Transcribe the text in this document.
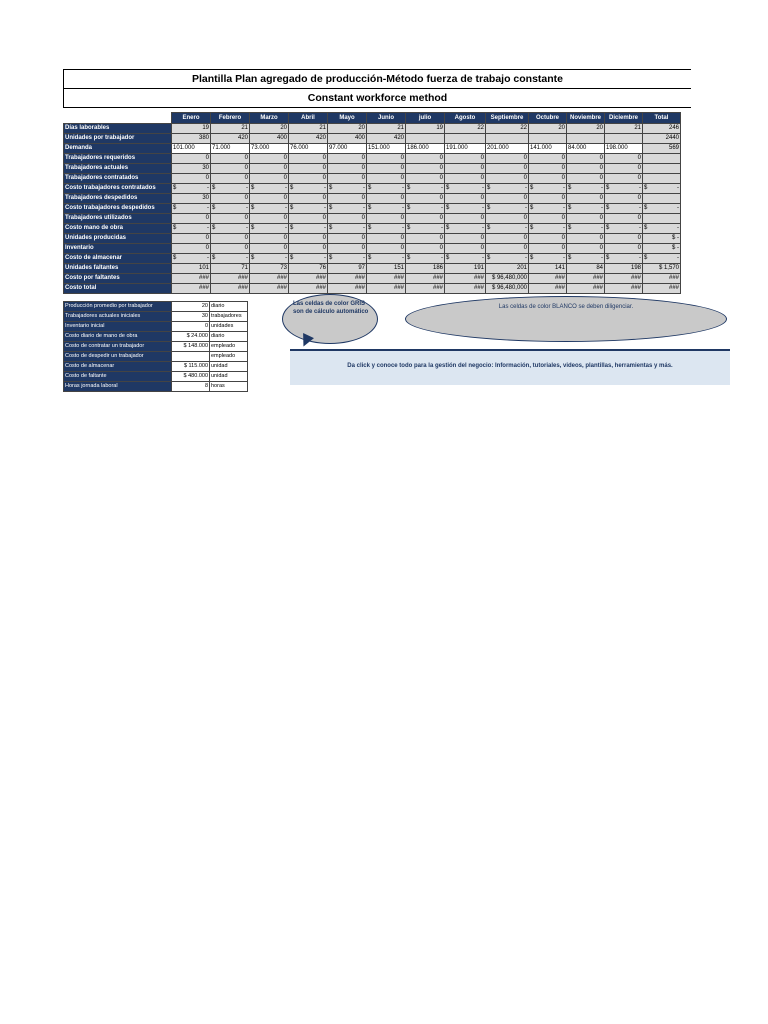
Plantilla Plan agregado de producción-Método fuerza de trabajo constante
Constant workforce method
	Enero	Febrero	Marzo	Abril	Mayo	Junio	julio	Agosto	Septiembre	Octubre	Noviembre	Diciembre	Total
Días laborables	19	21	20	21	20	21	19	22	22	20	20	21	246
Unidades por trabajador	380	420	400	420	400	420							2440
Demanda	101.000	71.000	73.000	76.000	97.000	151.000	186.000	191.000	201.000	141.000	84.000	198.000	569
Trabajadores requeridos	0	0	0	0	0	0	0	0	0	0	0	0	
Trabajadores actuales	30	0	0	0	0	0	0	0	0	0	0	0	
Trabajadores contratados	0	0	0	0	0	0	0	0	0	0	0	0	
Costo trabajadores contratados	$ -	$ -	$ -	$ -	$ -	$ -	$ -	$ -	$ -	$ -	$ -	$ -	$ -

Trabajadores despedidos	30	0	0	0	0	0	0	0	0	0	0	0	
Costo trabajadores despedidos	$ -	$ -	$ -	$ -	$ -	$ -	$ -	$ -	$ -	$ -	$ -	$ -	$ -

Trabajadores utilizados	0	0	0	0	0	0	0	0	0	0	0	0	
Costo mano de obra	$ -	$ -	$ -	$ -	$ -	$ -	$ -	$ -	$ -	$ -	$ -	$ -	$ -

Unidades producidas	0	0	0	0	0	0	0	0	0	0	0	0	$ -
Inventario	0	0	0	0	0	0	0	0	0	0	0	0	$ -
Costo de almacenar	$ -	$ -	$ -	$ -	$ -	$ -	$ -	$ -	$ -	$ -	$ -	$ -	$ -

Unidades faltantes	101	71	73	76	97	151	186	191	201	141	84	198	$ 1,570
Costo por faltantes	###	###	###	###	###	###	###	###	$ 96,480,000	###	###	###	###
Costo total	###	###	###	###	###	###	###	###	$ 96,480,000	###	###	###	###
Producción promedio por trabajador	20	diario
Trabajadores actuales iniciales	30	trabajadores
Inventario inicial	0	unidades
Costo diario de mano de obra	$ 24.000	diario
Costo de contratar un trabajador	$ 148.000	empleado
Costo de despedir un trabajador		empleado
Costo de almacenar	$ 115.000	unidad
Costo de faltante	$ 480.000	unidad
Horas jornada laboral	8	horas
Las celdas de color GRIS son de cálculo automático
Las celdas de color BLANCO se deben diligenciar.
Da click y conoce todo para la gestión del negocio: Información, tutoriales, videos, plantillas, herramientas y más.
